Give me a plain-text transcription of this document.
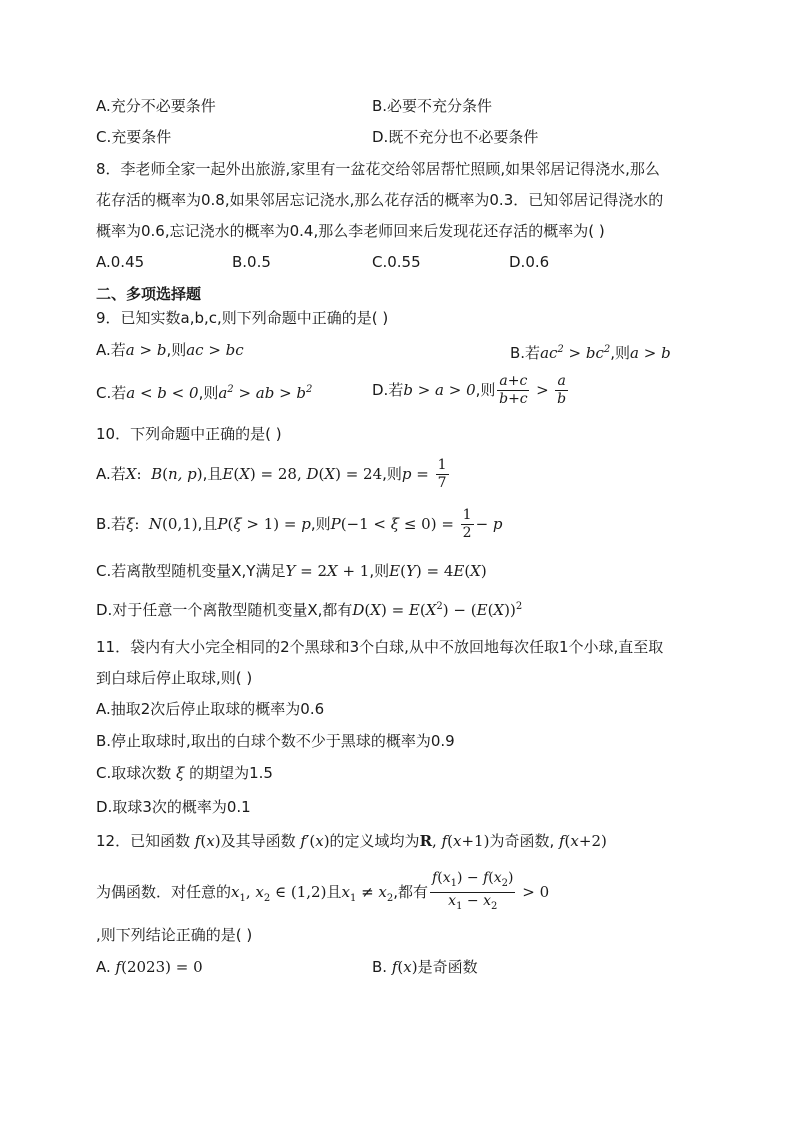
A.充分不必要条件	B.必要不充分条件
C.充要条件	D.既不充分也不必要条件
8．李老师全家一起外出旅游,家里有一盆花交给邻居帮忙照顾,如果邻居记得浇水,那么
花存活的概率为0.8,如果邻居忘记浇水,那么花存活的概率为0.3．已知邻居记得浇水的
概率为0.6,忘记浇水的概率为0.4,那么李老师回来后发现花还存活的概率为( )
A.0.45	B.0.5	C.0.55	D.0.6
二、多项选择题
9．已知实数a,b,c,则下列命题中正确的是( )
A.若a > b,则ac > bc	B.若$ac^2 > bc^2$,则a > b
C.若a < b < 0,则$a^2$ > ab > $b^2$	D.若b > a > 0,则 $\frac{a+c}{b+c} > \frac{a}{b}$
10．下列命题中正确的是( )
A.若X:  B(n, p),且E(X) = 28, D(X) = 24,则$p = \frac{1}{7}$
B.若ξ:  N(0,1),且P(ξ > 1) = p,则$P(-1 < \xi \le 0) = \frac{1}{2} - p$
C.若离散型随机变量X,Y满足Y = 2X + 1,则E(Y) = 4E(X)
D.对于任意一个离散型随机变量X,都有$D(X) = E(X^2) - (E(X))^2$
11．袋内有大小完全相同的2个黑球和3个白球,从中不放回地每次任取1个小球,直至取
到白球后停止取球,则( )
A.抽取2次后停止取球的概率为0.6
B.停止取球时,取出的白球个数不少于黑球的概率为0.9
C.取球次数 ξ 的期望为1.5
D.取球3次的概率为0.1
12．已知函数 f(x)及其导函数 f′(x)的定义域均为R, f(x+1)为奇函数, f(x+2)
为偶函数．对任意的$x_1$, $x_2$ ∈ (1,2)且$x_1 \ne x_2$,都有 $\frac{f(x_1) - f(x_2)}{x_1 - x_2} > 0$
,则下列结论正确的是( )
A. f(2023) = 0	B. f(x)是奇函数
